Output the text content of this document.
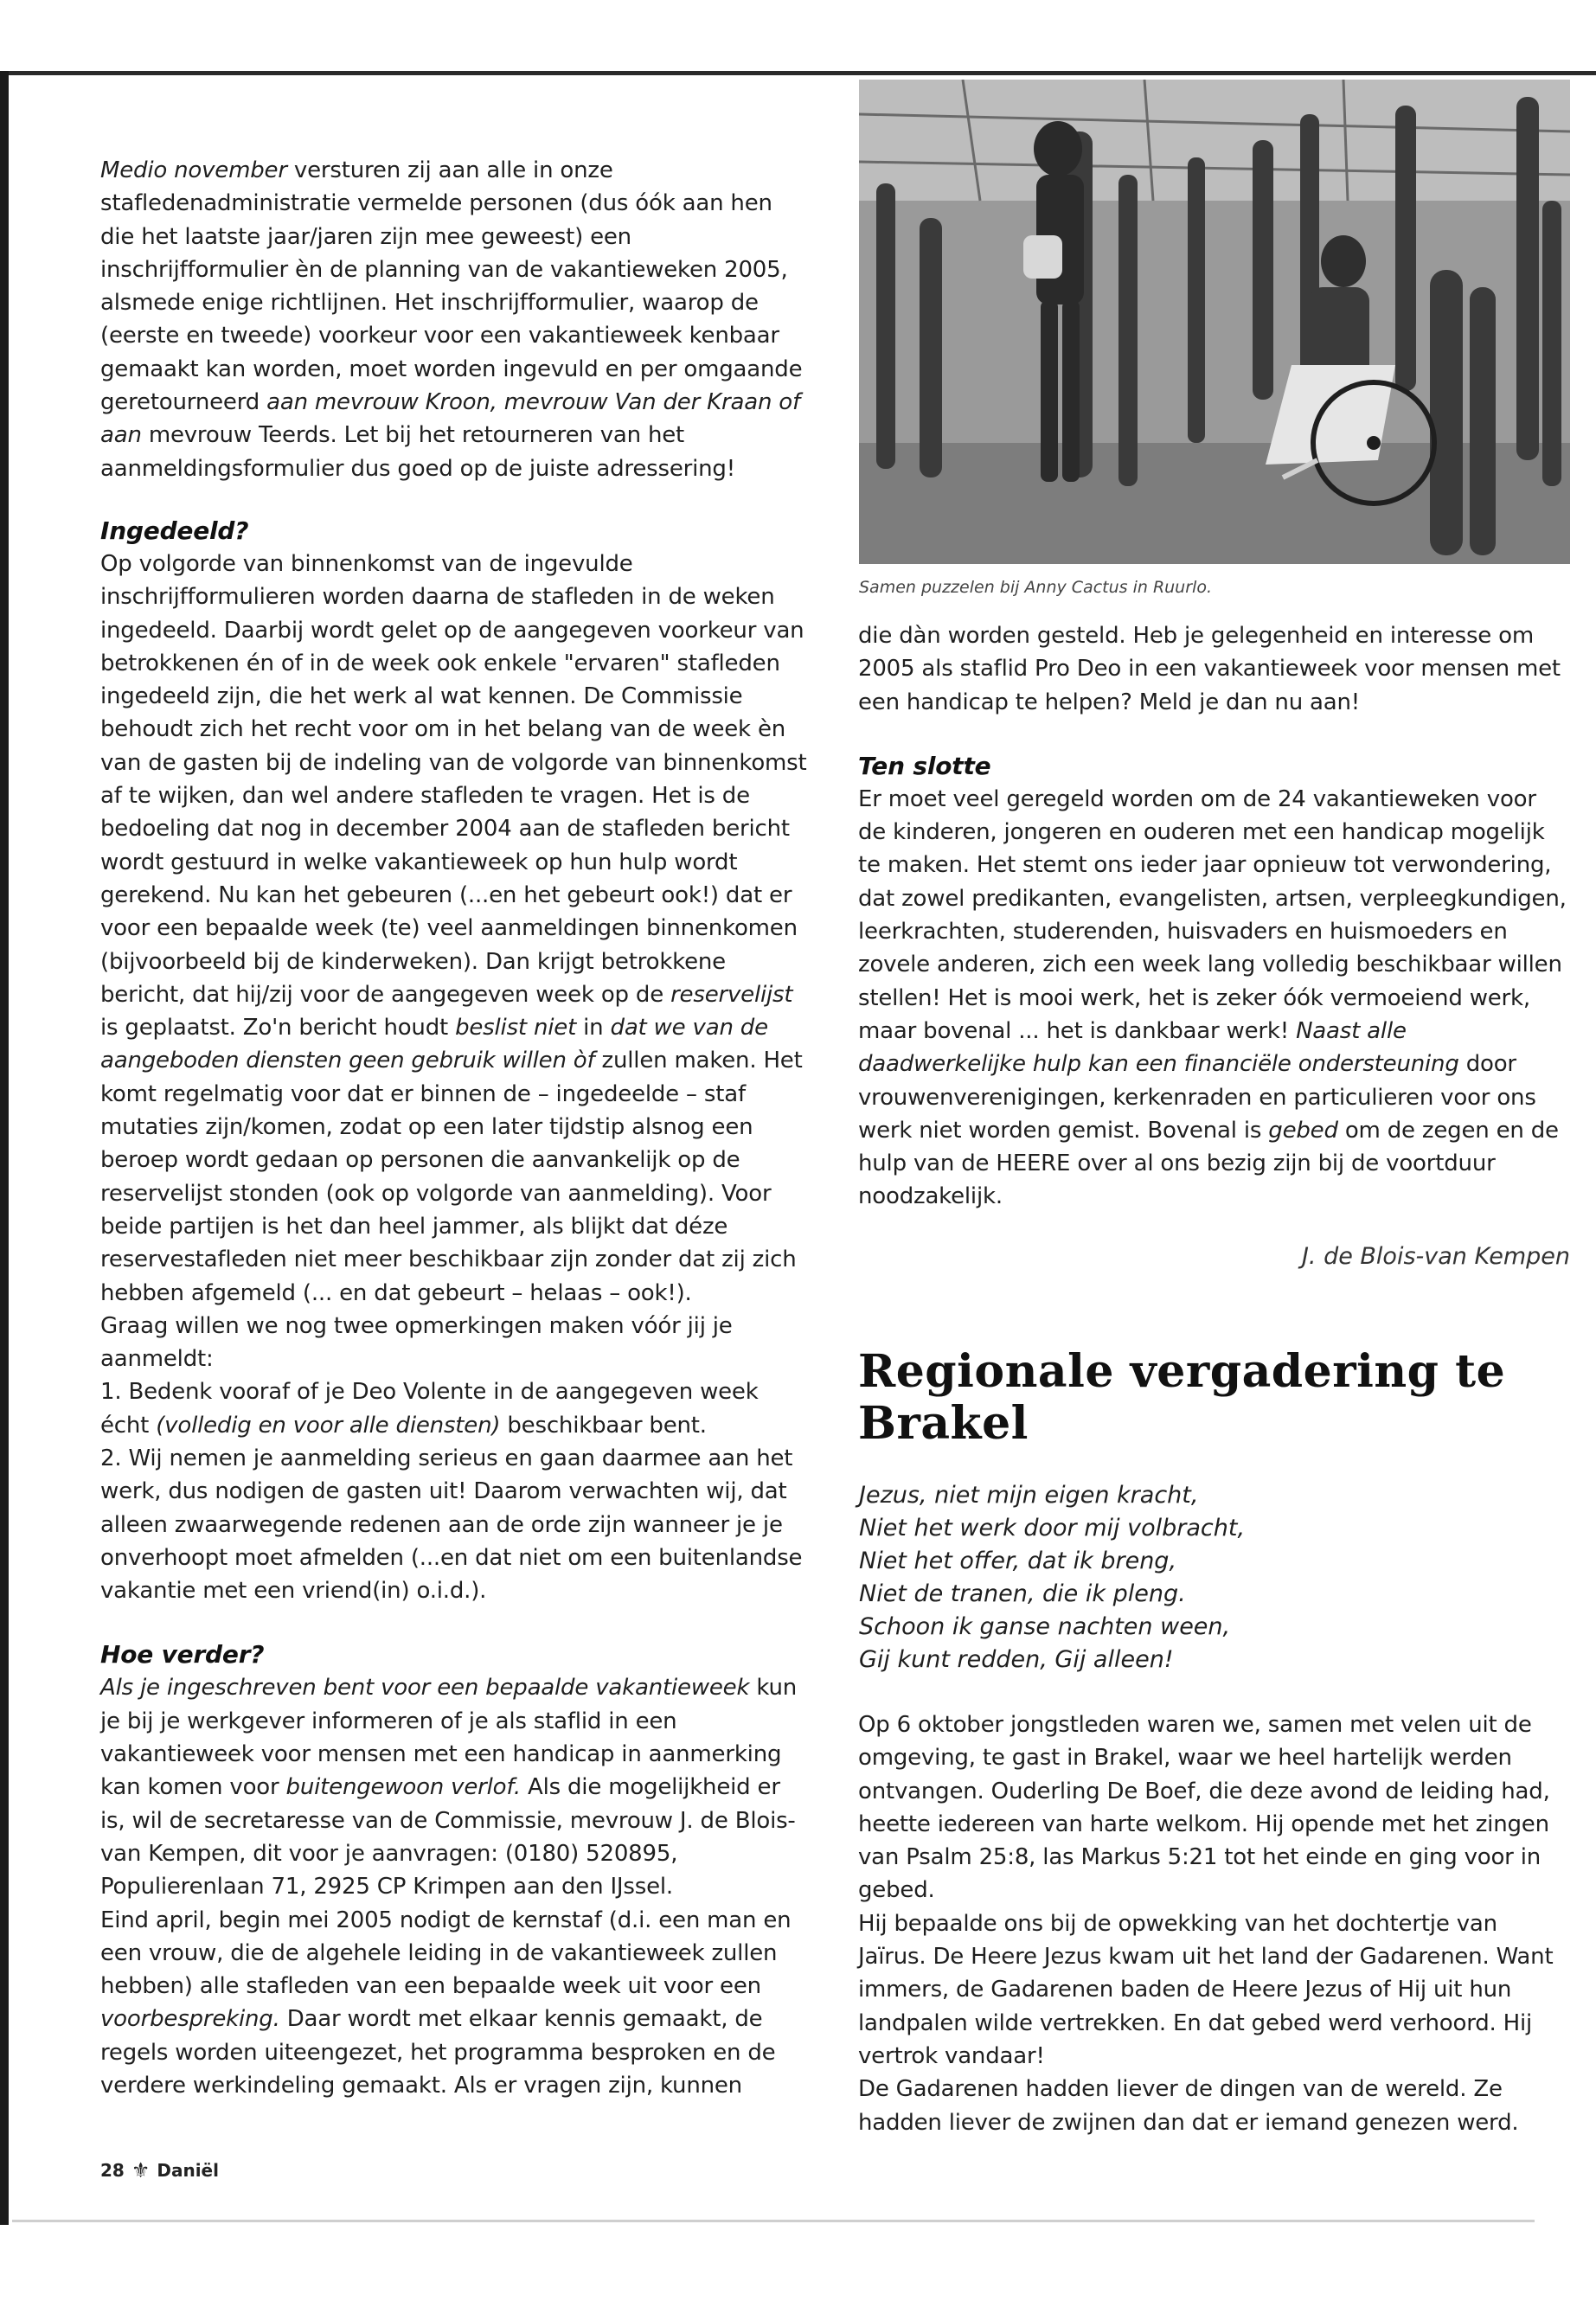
Medio november versturen zij aan alle in onze stafledenadministratie vermelde personen (dus óók aan hen die het laatste jaar/jaren zijn mee geweest) een inschrijfformulier èn de planning van de vakantieweken 2005, alsmede enige richtlijnen. Het inschrijfformulier, waarop de (eerste en tweede) voorkeur voor een vakantieweek kenbaar gemaakt kan worden, moet worden ingevuld en per omgaande geretourneerd aan mevrouw Kroon, mevrouw Van der Kraan of aan mevrouw Teerds. Let bij het retourneren van het aanmeldingsformulier dus goed op de juiste adressering!

Ingedeeld?

Op volgorde van binnenkomst van de ingevulde inschrijfformulieren worden daarna de stafleden in de weken ingedeeld. Daarbij wordt gelet op de aangegeven voorkeur van betrokkenen én of in de week ook enkele "ervaren" stafleden ingedeeld zijn, die het werk al wat kennen. De Commissie behoudt zich het recht voor om in het belang van de week èn van de gasten bij de indeling van de volgorde van binnenkomst af te wijken, dan wel andere stafleden te vragen. Het is de bedoeling dat nog in december 2004 aan de stafleden bericht wordt gestuurd in welke vakantieweek op hun hulp wordt gerekend. Nu kan het gebeuren (...en het gebeurt ook!) dat er voor een bepaalde week (te) veel aanmeldingen binnenkomen (bijvoorbeeld bij de kinderweken). Dan krijgt betrokkene bericht, dat hij/zij voor de aangegeven week op de reservelijst is geplaatst. Zo'n bericht houdt beslist niet in dat we van de aangeboden diensten geen gebruik willen òf zullen maken. Het komt regelmatig voor dat er binnen de – ingedeelde – staf mutaties zijn/komen, zodat op een later tijdstip alsnog een beroep wordt gedaan op personen die aanvankelijk op de reservelijst stonden (ook op volgorde van aanmelding). Voor beide partijen is het dan heel jammer, als blijkt dat déze reservestafleden niet meer beschikbaar zijn zonder dat zij zich hebben afgemeld (... en dat gebeurt – helaas – ook!).

Graag willen we nog twee opmerkingen maken vóór jij je aanmeldt:

1. Bedenk vooraf of je Deo Volente in de aangegeven week écht (volledig en voor alle diensten) beschikbaar bent.

2. Wij nemen je aanmelding serieus en gaan daarmee aan het werk, dus nodigen de gasten uit! Daarom verwachten wij, dat alleen zwaarwegende redenen aan de orde zijn wanneer je je onverhoopt moet afmelden (...en dat niet om een buitenlandse vakantie met een vriend(in) o.i.d.).

Hoe verder?

Als je ingeschreven bent voor een bepaalde vakantieweek kun je bij je werkgever informeren of je als staflid in een vakantieweek voor mensen met een handicap in aanmerking kan komen voor buitengewoon verlof. Als die mogelijkheid er is, wil de secretaresse van de Commissie, mevrouw J. de Blois-van Kempen, dit voor je aanvragen: (0180) 520895, Populierenlaan 71, 2925 CP Krimpen aan den IJssel.

Eind april, begin mei 2005 nodigt de kernstaf (d.i. een man en een vrouw, die de algehele leiding in de vakantieweek zullen hebben) alle stafleden van een bepaalde week uit voor een voorbespreking. Daar wordt met elkaar kennis gemaakt, de regels worden uiteengezet, het programma besproken en de verdere werkindeling gemaakt. Als er vragen zijn, kunnen

Samen puzzelen bij Anny Cactus in Ruurlo.

die dàn worden gesteld. Heb je gelegenheid en interesse om 2005 als staflid Pro Deo in een vakantieweek voor mensen met een handicap te helpen? Meld je dan nu aan!

Ten slotte

Er moet veel geregeld worden om de 24 vakantieweken voor de kinderen, jongeren en ouderen met een handicap mogelijk te maken. Het stemt ons ieder jaar opnieuw tot verwondering, dat zowel predikanten, evangelisten, artsen, verpleegkundigen, leerkrachten, studerenden, huisvaders en huismoeders en zovele anderen, zich een week lang volledig beschikbaar willen stellen! Het is mooi werk, het is zeker óók vermoeiend werk, maar bovenal ... het is dankbaar werk! Naast alle daadwerkelijke hulp kan een financiële ondersteuning door vrouwenverenigingen, kerkenraden en particulieren voor ons werk niet worden gemist. Bovenal is gebed om de zegen en de hulp van de HEERE over al ons bezig zijn bij de voortduur noodzakelijk.

J. de Blois-van Kempen
Regionale vergadering te Brakel
Jezus, niet mijn eigen kracht,
Niet het werk door mij volbracht,
Niet het offer, dat ik breng,
Niet de tranen, die ik pleng.
Schoon ik ganse nachten ween,
Gij kunt redden, Gij alleen!

Op 6 oktober jongstleden waren we, samen met velen uit de omgeving, te gast in Brakel, waar we heel hartelijk werden ontvangen. Ouderling De Boef, die deze avond de leiding had, heette iedereen van harte welkom. Hij opende met het zingen van Psalm 25:8, las Markus 5:21 tot het einde en ging voor in gebed.

Hij bepaalde ons bij de opwekking van het dochtertje van Jaïrus. De Heere Jezus kwam uit het land der Gadarenen. Want immers, de Gadarenen baden de Heere Jezus of Hij uit hun landpalen wilde vertrekken. En dat gebed werd verhoord. Hij vertrok vandaar!

De Gadarenen hadden liever de dingen van de wereld. Ze hadden liever de zwijnen dan dat er iemand genezen werd.

28 ⚜ Daniël
